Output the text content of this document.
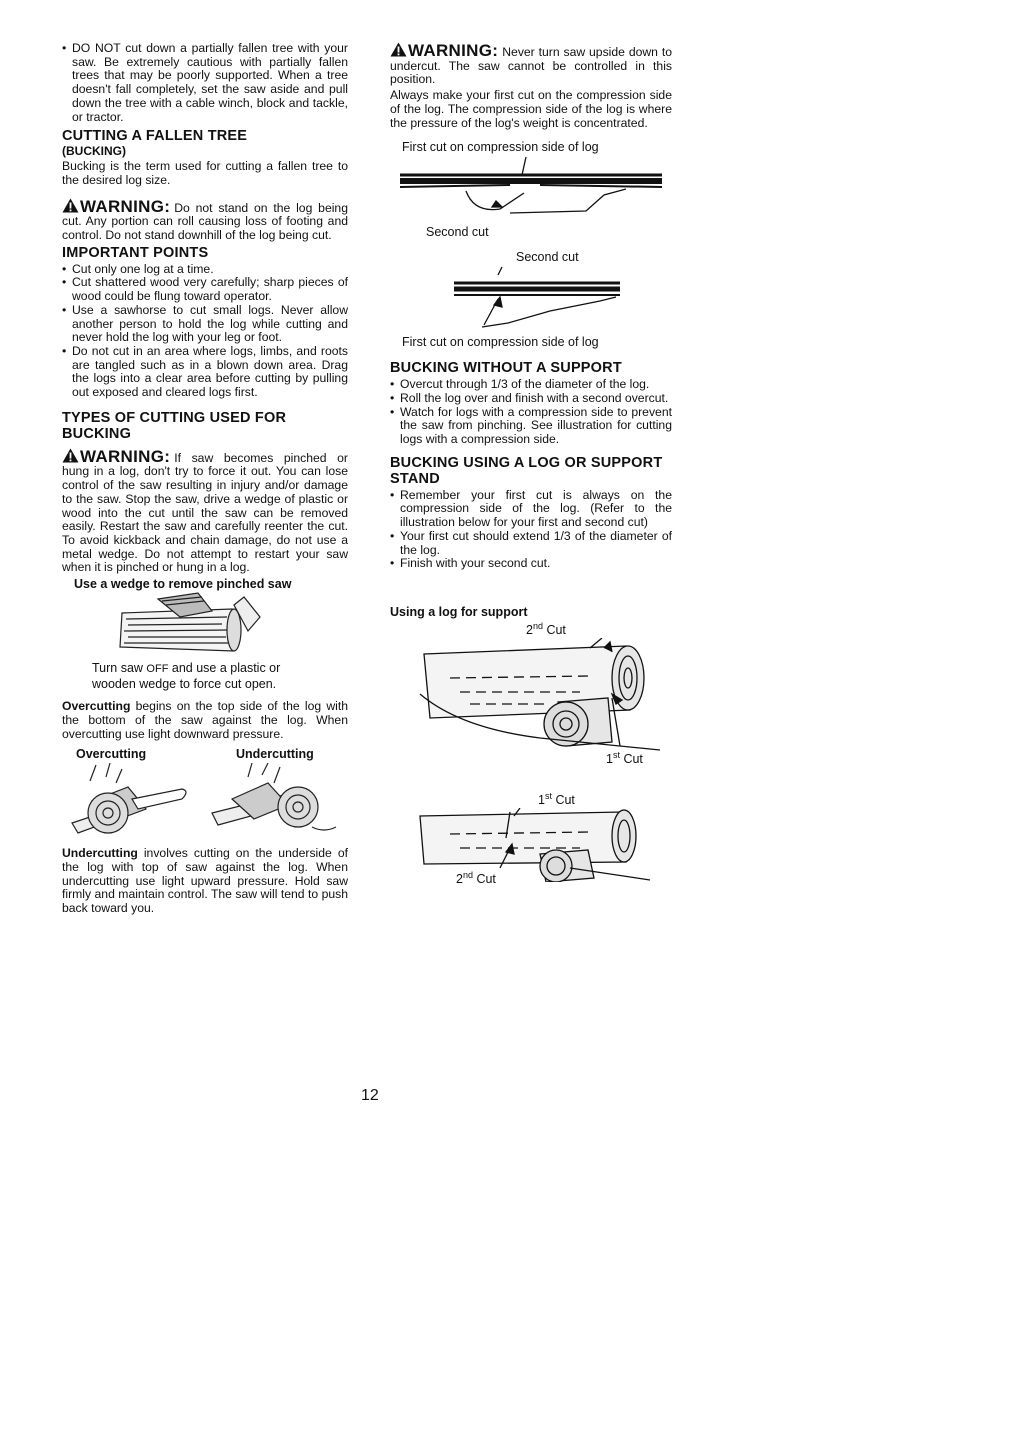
• DO NOT cut down a partially fallen tree with your saw. Be extremely cautious with partially fallen trees that may be poorly supported. When a tree doesn't fall completely, set the saw aside and pull down the tree with a cable winch, block and tackle, or tractor.
CUTTING A FALLEN TREE
(BUCKING)

Bucking is the term used for cutting a fallen tree to the desired log size.

WARNING: Do not stand on the log being cut. Any portion can roll causing loss of footing and control. Do not stand downhill of the log being cut.

IMPORTANT POINTS
• Cut only one log at a time.
• Cut shattered wood very carefully; sharp pieces of wood could be flung toward operator.
• Use a sawhorse to cut small logs. Never allow another person to hold the log while cutting and never hold the log with your leg or foot.
• Do not cut in an area where logs, limbs, and roots are tangled such as in a blown down area. Drag the logs into a clear area before cutting by pulling out exposed and cleared logs first.
TYPES OF CUTTING USED FOR BUCKING

WARNING: If saw becomes pinched or hung in a log, don't try to force it out. You can lose control of the saw resulting in injury and/or damage to the saw. Stop the saw, drive a wedge of plastic or wood into the cut until the saw can be removed easily. Restart the saw and carefully reenter the cut. To avoid kickback and chain damage, do not use a metal wedge. Do not attempt to restart your saw when it is pinched or hung in a log.

Use a wedge to remove pinched saw

Turn saw OFF and use a plastic or wooden wedge to force cut open.

Overcutting begins on the top side of the log with the bottom of the saw against the log. When overcutting use light downward pressure.

Overcutting	Undercutting

Undercutting involves cutting on the underside of the log with top of saw against the log. When undercutting use light upward pressure. Hold saw firmly and maintain control. The saw will tend to push back toward you.

WARNING: Never turn saw upside down to undercut. The saw cannot be controlled in this position.

Always make your first cut on the compression side of the log. The compression side of the log is where the pressure of the log's weight is concentrated.

First cut on compression side of log
Second cut
Second cut
First cut on compression side of log
BUCKING WITHOUT A SUPPORT
• Overcut through 1/3 of the diameter of the log.
• Roll the log over and finish with a second overcut.
• Watch for logs with a compression side to prevent the saw from pinching. See illustration for cutting logs with a compression side.
BUCKING USING A LOG OR SUPPORT STAND
• Remember your first cut is always on the compression side of the log. (Refer to the illustration below for your first and second cut)
• Your first cut should extend 1/3 of the diameter of the log.
• Finish with your second cut.
Using a log for support
2nd Cut
1st Cut
1st Cut
2nd Cut
12
